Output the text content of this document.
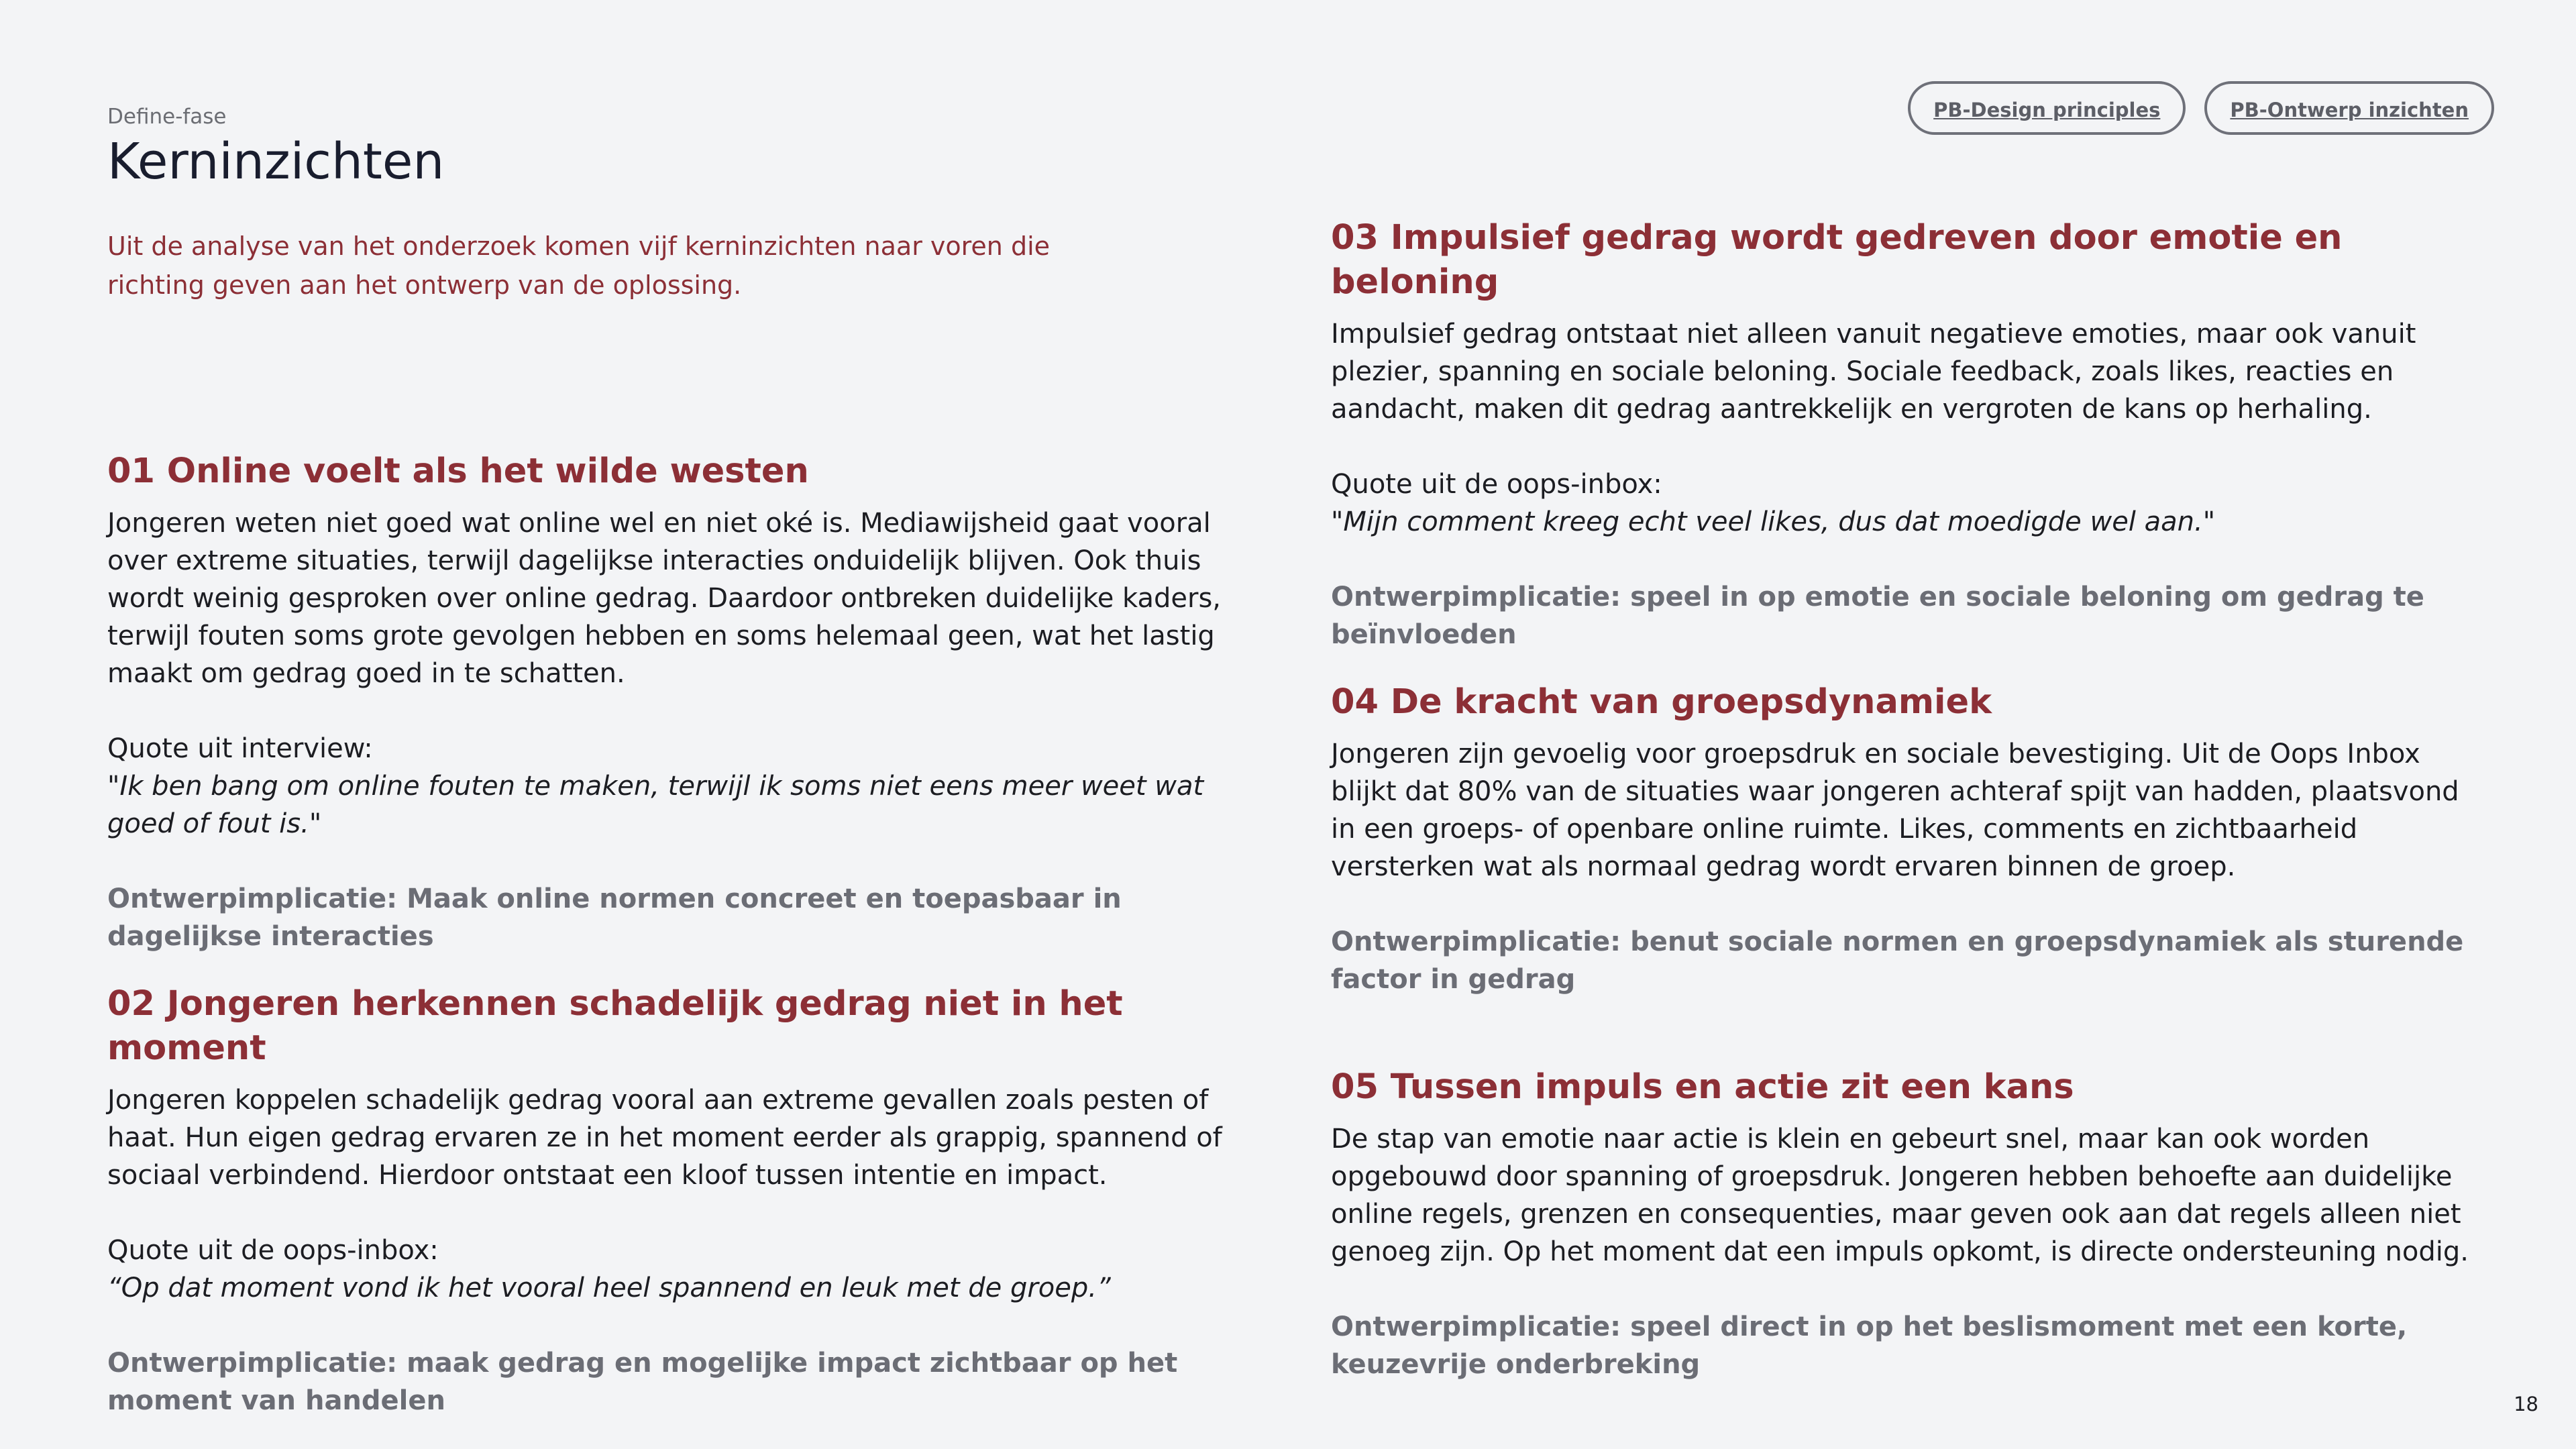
Define-fase
Kerninzichten
PB-Design principles	PB-Ontwerp inzichten
Uit de analyse van het onderzoek komen vijf kerninzichten naar voren die richting geven aan het ontwerp van de oplossing.
01 Online voelt als het wilde westen

Jongeren weten niet goed wat online wel en niet oké is. Mediawijsheid gaat vooral over extreme situaties, terwijl dagelijkse interacties onduidelijk blijven. Ook thuis wordt weinig gesproken over online gedrag. Daardoor ontbreken duidelijke kaders, terwijl fouten soms grote gevolgen hebben en soms helemaal geen, wat het lastig maakt om gedrag goed in te schatten.

Quote uit interview:

"Ik ben bang om online fouten te maken, terwijl ik soms niet eens meer weet wat goed of fout is."

Ontwerpimplicatie: Maak online normen concreet en toepasbaar in dagelijkse interacties

02 Jongeren herkennen schadelijk gedrag niet in het moment

Jongeren koppelen schadelijk gedrag vooral aan extreme gevallen zoals pesten of haat. Hun eigen gedrag ervaren ze in het moment eerder als grappig, spannend of sociaal verbindend. Hierdoor ontstaat een kloof tussen intentie en impact.

Quote uit de oops-inbox:

“Op dat moment vond ik het vooral heel spannend en leuk met de groep.”

Ontwerpimplicatie: maak gedrag en mogelijke impact zichtbaar op het moment van handelen

03 Impulsief gedrag wordt gedreven door emotie en beloning

Impulsief gedrag ontstaat niet alleen vanuit negatieve emoties, maar ook vanuit plezier, spanning en sociale beloning. Sociale feedback, zoals likes, reacties en aandacht, maken dit gedrag aantrekkelijk en vergroten de kans op herhaling.

Quote uit de oops-inbox:

"Mijn comment kreeg echt veel likes, dus dat moedigde wel aan."

Ontwerpimplicatie: speel in op emotie en sociale beloning om gedrag te beïnvloeden

04 De kracht van groepsdynamiek

Jongeren zijn gevoelig voor groepsdruk en sociale bevestiging. Uit de Oops Inbox blijkt dat 80% van de situaties waar jongeren achteraf spijt van hadden, plaatsvond in een groeps- of openbare online ruimte. Likes, comments en zichtbaarheid versterken wat als normaal gedrag wordt ervaren binnen de groep.

Ontwerpimplicatie: benut sociale normen en groepsdynamiek als sturende factor in gedrag

05 Tussen impuls en actie zit een kans

De stap van emotie naar actie is klein en gebeurt snel, maar kan ook worden opgebouwd door spanning of groepsdruk. Jongeren hebben behoefte aan duidelijke online regels, grenzen en consequenties, maar geven ook aan dat regels alleen niet genoeg zijn. Op het moment dat een impuls opkomt, is directe ondersteuning nodig.

Ontwerpimplicatie: speel direct in op het beslismoment met een korte, keuzevrije onderbreking

18
